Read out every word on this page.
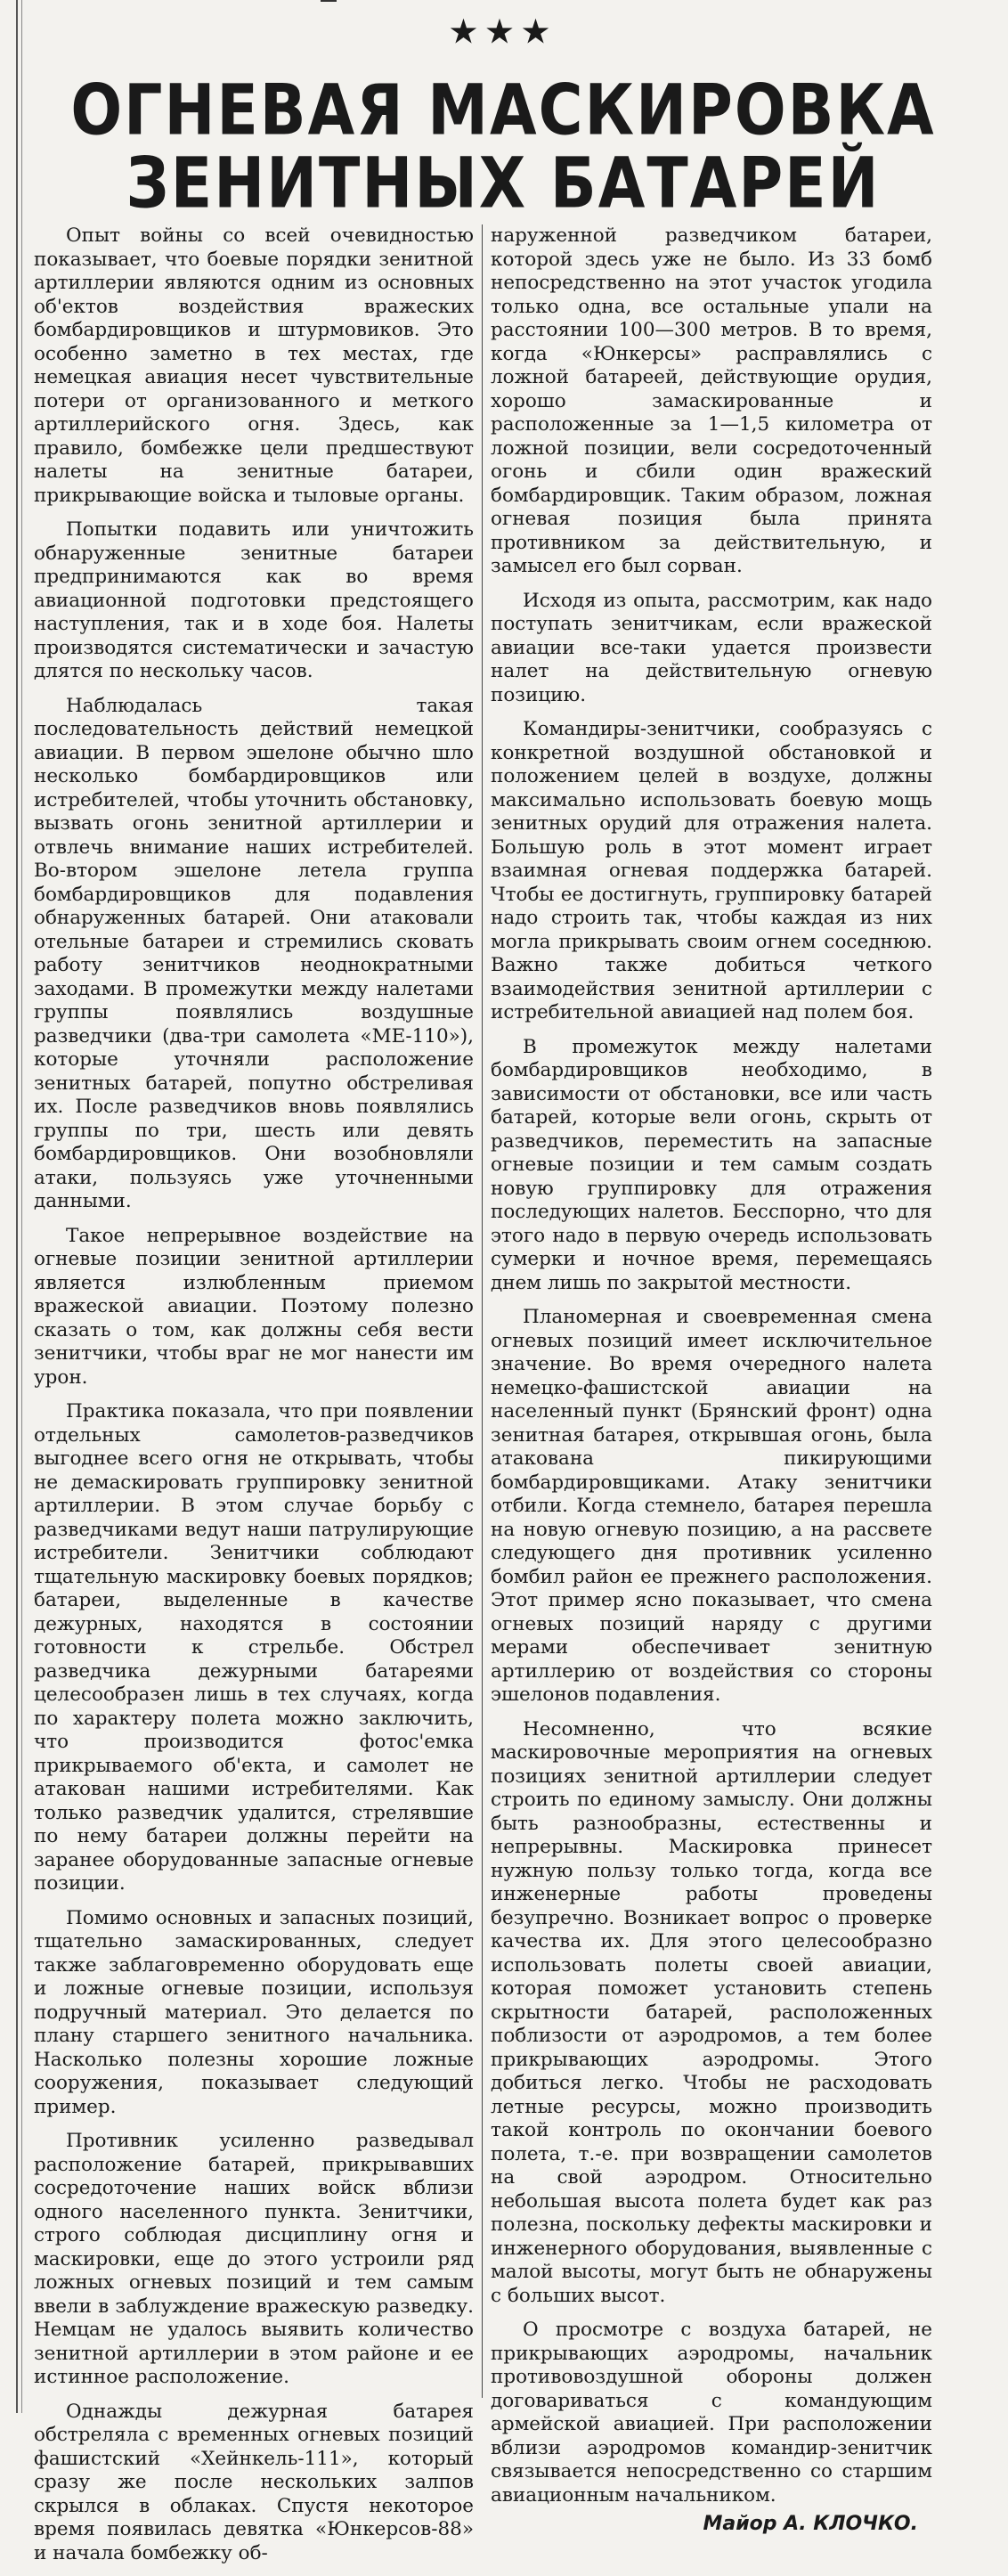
★★★
ОГНЕВАЯ МАСКИРОВКА
ЗЕНИТНЫХ БАТАРЕЙ

Опыт войны со всей очевидностью показывает, что боевые порядки зенитной артиллерии являются одним из основных об'ектов воздействия вражеских бомбардировщиков и штурмовиков. Это особенно заметно в тех местах, где немецкая авиация несет чувствительные потери от организованного и меткого артиллерийского огня. Здесь, как правило, бомбежке цели предшествуют налеты на зенитные батареи, прикрывающие войска и тыловые органы.

Попытки подавить или уничтожить обнаруженные зенитные батареи предпринимаются как во время авиационной подготовки предстоящего наступления, так и в ходе боя. Налеты производятся систематически и зачастую длятся по нескольку часов.

Наблюдалась такая последовательность действий немецкой авиации. В первом эшелоне обычно шло несколько бомбардировщиков или истребителей, чтобы уточнить обстановку, вызвать огонь зенитной артиллерии и отвлечь внимание наших истребителей. Во-втором эшелоне летела группа бомбардировщиков для подавления обнаруженных батарей. Они атаковали отельные батареи и стремились сковать работу зенитчиков неоднократными заходами. В промежутки между налетами группы появлялись воздушные разведчики (два-три самолета «МЕ-110»), которые уточняли расположение зенитных батарей, попутно обстреливая их. После разведчиков вновь появлялись группы по три, шесть или девять бомбардировщиков. Они возобновляли атаки, пользуясь уже уточненными данными.

Такое непрерывное воздействие на огневые позиции зенитной артиллерии является излюбленным приемом вражеской авиации. Поэтому полезно сказать о том, как должны себя вести зенитчики, чтобы враг не мог нанести им урон.

Практика показала, что при появлении отдельных самолетов-разведчиков выгоднее всего огня не открывать, чтобы не демаскировать группировку зенитной артиллерии. В этом случае борьбу с разведчиками ведут наши патрулирующие истребители. Зенитчики соблюдают тщательную маскировку боевых порядков; батареи, выделенные в качестве дежурных, находятся в состоянии готовности к стрельбе. Обстрел разведчика дежурными батареями целесообразен лишь в тех случаях, когда по характеру полета можно заключить, что производится фотос'емка прикрываемого об'екта, и самолет не атакован нашими истребителями. Как только разведчик удалится, стрелявшие по нему батареи должны перейти на заранее оборудованные запасные огневые позиции.

Помимо основных и запасных позиций, тщательно замаскированных, следует также заблаговременно оборудовать еще и ложные огневые позиции, используя подручный материал. Это делается по плану старшего зенитного начальника. Насколько полезны хорошие ложные сооружения, показывает следующий пример.

Противник усиленно разведывал расположение батарей, прикрывавших сосредоточение наших войск вблизи одного населенного пункта. Зенитчики, строго соблюдая дисциплину огня и маскировки, еще до этого устроили ряд ложных огневых позиций и тем самым ввели в заблуждение вражескую разведку. Немцам не удалось выявить количество зенитной артиллерии в этом районе и ее истинное расположение.

Однажды дежурная батарея обстреляла с временных огневых позиций фашистский «Хейнкель-111», который сразу же после нескольких залпов скрылся в облаках. Спустя некоторое время появилась девятка «Юнкерсов-88» и начала бомбежку об-

наруженной разведчиком батареи, которой здесь уже не было. Из 33 бомб непосредственно на этот участок угодила только одна, все остальные упали на расстоянии 100—300 метров. В то время, когда «Юнкерсы» расправлялись с ложной батареей, действующие орудия, хорошо замаскированные и расположенные за 1—1,5 километра от ложной позиции, вели сосредоточенный огонь и сбили один вражеский бомбардировщик. Таким образом, ложная огневая позиция была принята противником за действительную, и замысел его был сорван.

Исходя из опыта, рассмотрим, как надо поступать зенитчикам, если вражеской авиации все-таки удается произвести налет на действительную огневую позицию.

Командиры-зенитчики, сообразуясь с конкретной воздушной обстановкой и положением целей в воздухе, должны максимально использовать боевую мощь зенитных орудий для отражения налета. Большую роль в этот момент играет взаимная огневая поддержка батарей. Чтобы ее достигнуть, группировку батарей надо строить так, чтобы каждая из них могла прикрывать своим огнем соседнюю. Важно также добиться четкого взаимодействия зенитной артиллерии с истребительной авиацией над полем боя.

В промежуток между налетами бомбардировщиков необходимо, в зависимости от обстановки, все или часть батарей, которые вели огонь, скрыть от разведчиков, переместить на запасные огневые позиции и тем самым создать новую группировку для отражения последующих налетов. Бесспорно, что для этого надо в первую очередь использовать сумерки и ночное время, перемещаясь днем лишь по закрытой местности.

Планомерная и своевременная смена огневых позиций имеет исключительное значение. Во время очередного налета немецко-фашистской авиации на населенный пункт (Брянский фронт) одна зенитная батарея, открывшая огонь, была атакована пикирующими бомбардировщиками. Атаку зенитчики отбили. Когда стемнело, батарея перешла на новую огневую позицию, а на рассвете следующего дня противник усиленно бомбил район ее прежнего расположения. Этот пример ясно показывает, что смена огневых позиций наряду с другими мерами обеспечивает зенитную артиллерию от воздействия со стороны эшелонов подавления.

Несомненно, что всякие маскировочные мероприятия на огневых позициях зенитной артиллерии следует строить по единому замыслу. Они должны быть разнообразны, естественны и непрерывны. Маскировка принесет нужную пользу только тогда, когда все инженерные работы проведены безупречно. Возникает вопрос о проверке качества их. Для этого целесообразно использовать полеты своей авиации, которая поможет установить степень скрытности батарей, расположенных поблизости от аэродромов, а тем более прикрывающих аэродромы. Этого добиться легко. Чтобы не расходовать летные ресурсы, можно производить такой контроль по окончании боевого полета, т.-е. при возвращении самолетов на свой аэродром. Относительно небольшая высота полета будет как раз полезна, поскольку дефекты маскировки и инженерного оборудования, выявленные с малой высоты, могут быть не обнаружены с больших высот.

О просмотре с воздуха батарей, не прикрывающих аэродромы, начальник противовоздушной обороны должен договариваться с командующим армейской авиацией. При расположении вблизи аэродромов командир-зенитчик связывается непосредственно со старшим авиационным начальником.

Майор А. КЛОЧКО.
